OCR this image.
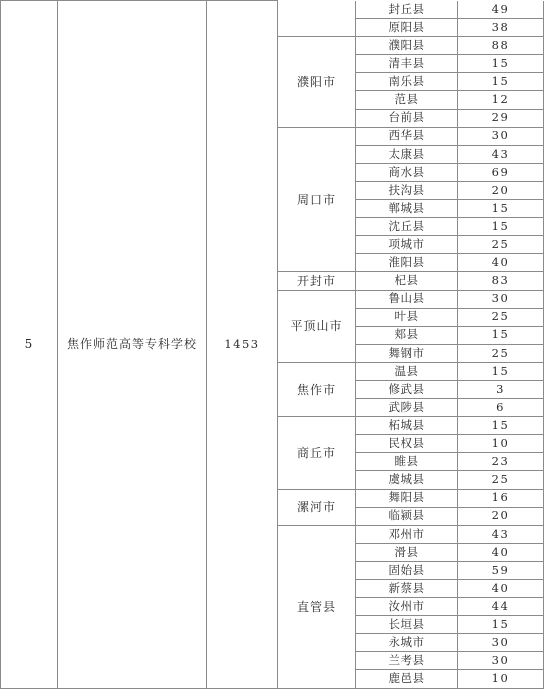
5	焦作师范高等专科学校	1453		封丘县	49
				原阳县	38
			濮阳市	濮阳县	88
				清丰县	15
				南乐县	15
				范县	12
				台前县	29
			周口市	西华县	30
				太康县	43
				商水县	69
				扶沟县	20
				郸城县	15
				沈丘县	15
				项城市	25
				淮阳县	40
			开封市	杞县	83
			平顶山市	鲁山县	30
				叶县	25
				郏县	15
				舞钢市	25
			焦作市	温县	15
				修武县	3
				武陟县	6
			商丘市	柘城县	15
				民权县	10
				睢县	23
				虞城县	25
			漯河市	舞阳县	16
				临颍县	20
			直管县	邓州市	43
				滑县	40
				固始县	59
				新蔡县	40
				汝州市	44
				长垣县	15
				永城市	30
				兰考县	30
				鹿邑县	10
